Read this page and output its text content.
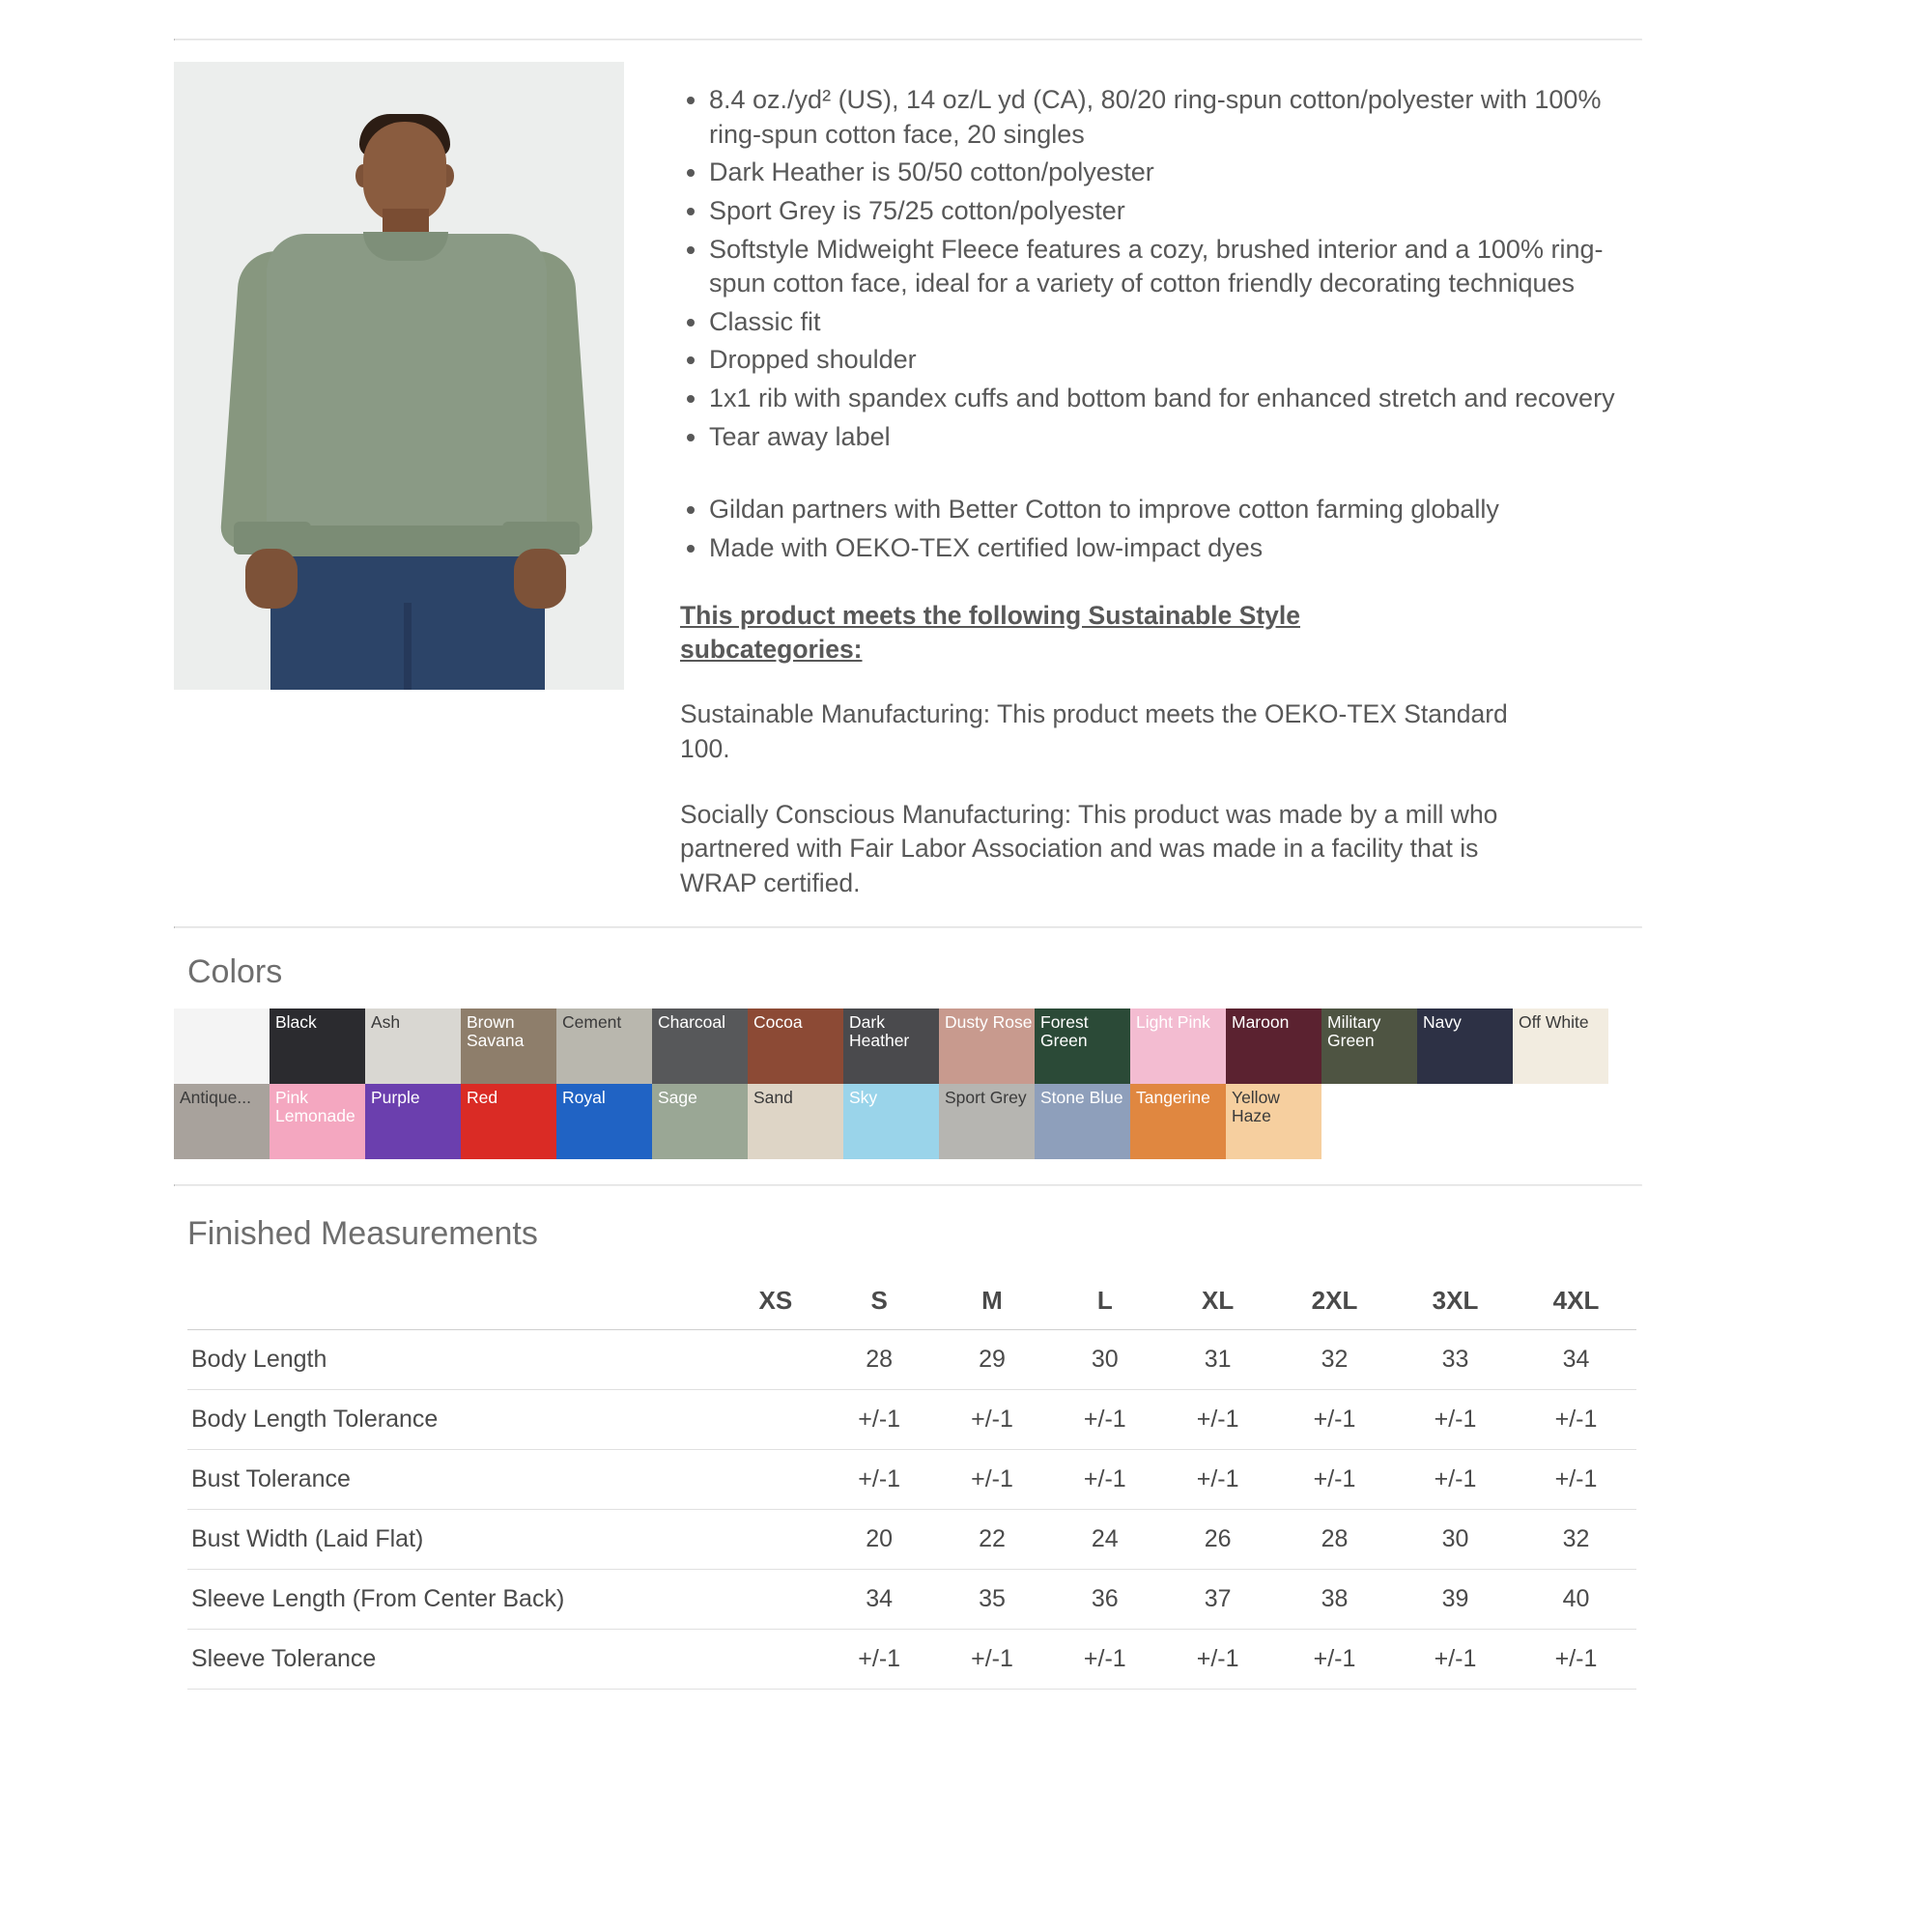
• 8.4 oz./yd² (US), 14 oz/L yd (CA), 80/20 ring-spun cotton/polyester with 100% ring-spun cotton face, 20 singles
• Dark Heather is 50/50 cotton/polyester
• Sport Grey is 75/25 cotton/polyester
• Softstyle Midweight Fleece features a cozy, brushed interior and a 100% ring-spun cotton face, ideal for a variety of cotton friendly decorating techniques
• Classic fit
• Dropped shoulder
• 1x1 rib with spandex cuffs and bottom band for enhanced stretch and recovery
• Tear away label
• Gildan partners with Better Cotton to improve cotton farming globally
• Made with OEKO-TEX certified low-impact dyes
This product meets the following Sustainable Style subcategories:
Sustainable Manufacturing: This product meets the OEKO-TEX Standard 100.
Socially Conscious Manufacturing: This product was made by a mill who partnered with Fair Labor Association and was made in a facility that is WRAP certified.
Colors
Black	Ash	Brown Savana
Cement	Charcoal	Cocoa	Dark Heather
Dusty Rose Forest Green
Light Pink	Maroon	Military Green
Navy	Off White
Antique...	Pink Lemonade
Purple	Red	Royal	Sage	Sand	Sky	Sport Grey Stone Blue Tangerine	Yellow Haze
Finished Measurements
	XS	S	M	L	XL	2XL	3XL	4XL
Body Length		28	29	30	31	32	33	34
Body Length Tolerance		+/-1	+/-1	+/-1	+/-1	+/-1	+/-1	+/-1
Bust Tolerance		+/-1	+/-1	+/-1	+/-1	+/-1	+/-1	+/-1
Bust Width (Laid Flat)		20	22	24	26	28	30	32
Sleeve Length (From Center Back)		34	35	36	37	38	39	40
Sleeve Tolerance		+/-1	+/-1	+/-1	+/-1	+/-1	+/-1	+/-1
